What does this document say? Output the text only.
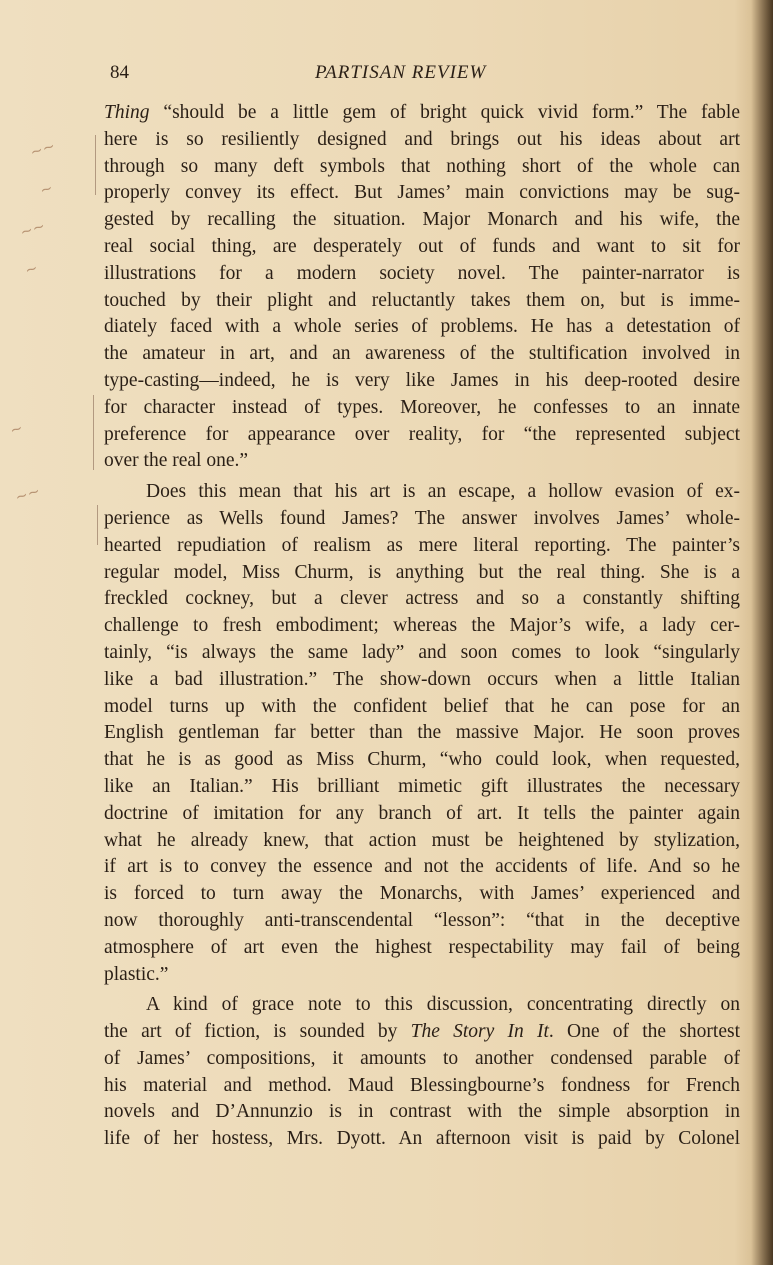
84	PARTISAN REVIEW
~~
~
~~
~
~
~~
Thing “should be a little gem of bright quick vivid form.” The fable
here is so resiliently designed and brings out his ideas about art
through so many deft symbols that nothing short of the whole can
properly convey its effect. But James’ main convictions may be sug-
gested by recalling the situation. Major Monarch and his wife, the
real social thing, are desperately out of funds and want to sit for
illustrations for a modern society novel. The painter-narrator is
touched by their plight and reluctantly takes them on, but is imme-
diately faced with a whole series of problems. He has a detestation of
the amateur in art, and an awareness of the stultification involved in
type-casting—indeed, he is very like James in his deep-rooted desire
for character instead of types. Moreover, he confesses to an innate
preference for appearance over reality, for “the represented subject
over the real one.”
Does this mean that his art is an escape, a hollow evasion of ex-
perience as Wells found James? The answer involves James’ whole-
hearted repudiation of realism as mere literal reporting. The painter’s
regular model, Miss Churm, is anything but the real thing. She is a
freckled cockney, but a clever actress and so a constantly shifting
challenge to fresh embodiment; whereas the Major’s wife, a lady cer-
tainly, “is always the same lady” and soon comes to look “singularly
like a bad illustration.” The show-down occurs when a little Italian
model turns up with the confident belief that he can pose for an
English gentleman far better than the massive Major. He soon proves
that he is as good as Miss Churm, “who could look, when requested,
like an Italian.” His brilliant mimetic gift illustrates the necessary
doctrine of imitation for any branch of art. It tells the painter again
what he already knew, that action must be heightened by stylization,
if art is to convey the essence and not the accidents of life. And so he
is forced to turn away the Monarchs, with James’ experienced and
now thoroughly anti-transcendental “lesson”: “that in the deceptive
atmosphere of art even the highest respectability may fail of being
plastic.”
A kind of grace note to this discussion, concentrating directly on
the art of fiction, is sounded by The Story In It. One of the shortest
of James’ compositions, it amounts to another condensed parable of
his material and method. Maud Blessingbourne’s fondness for French
novels and D’Annunzio is in contrast with the simple absorption in
life of her hostess, Mrs. Dyott. An afternoon visit is paid by Colonel
